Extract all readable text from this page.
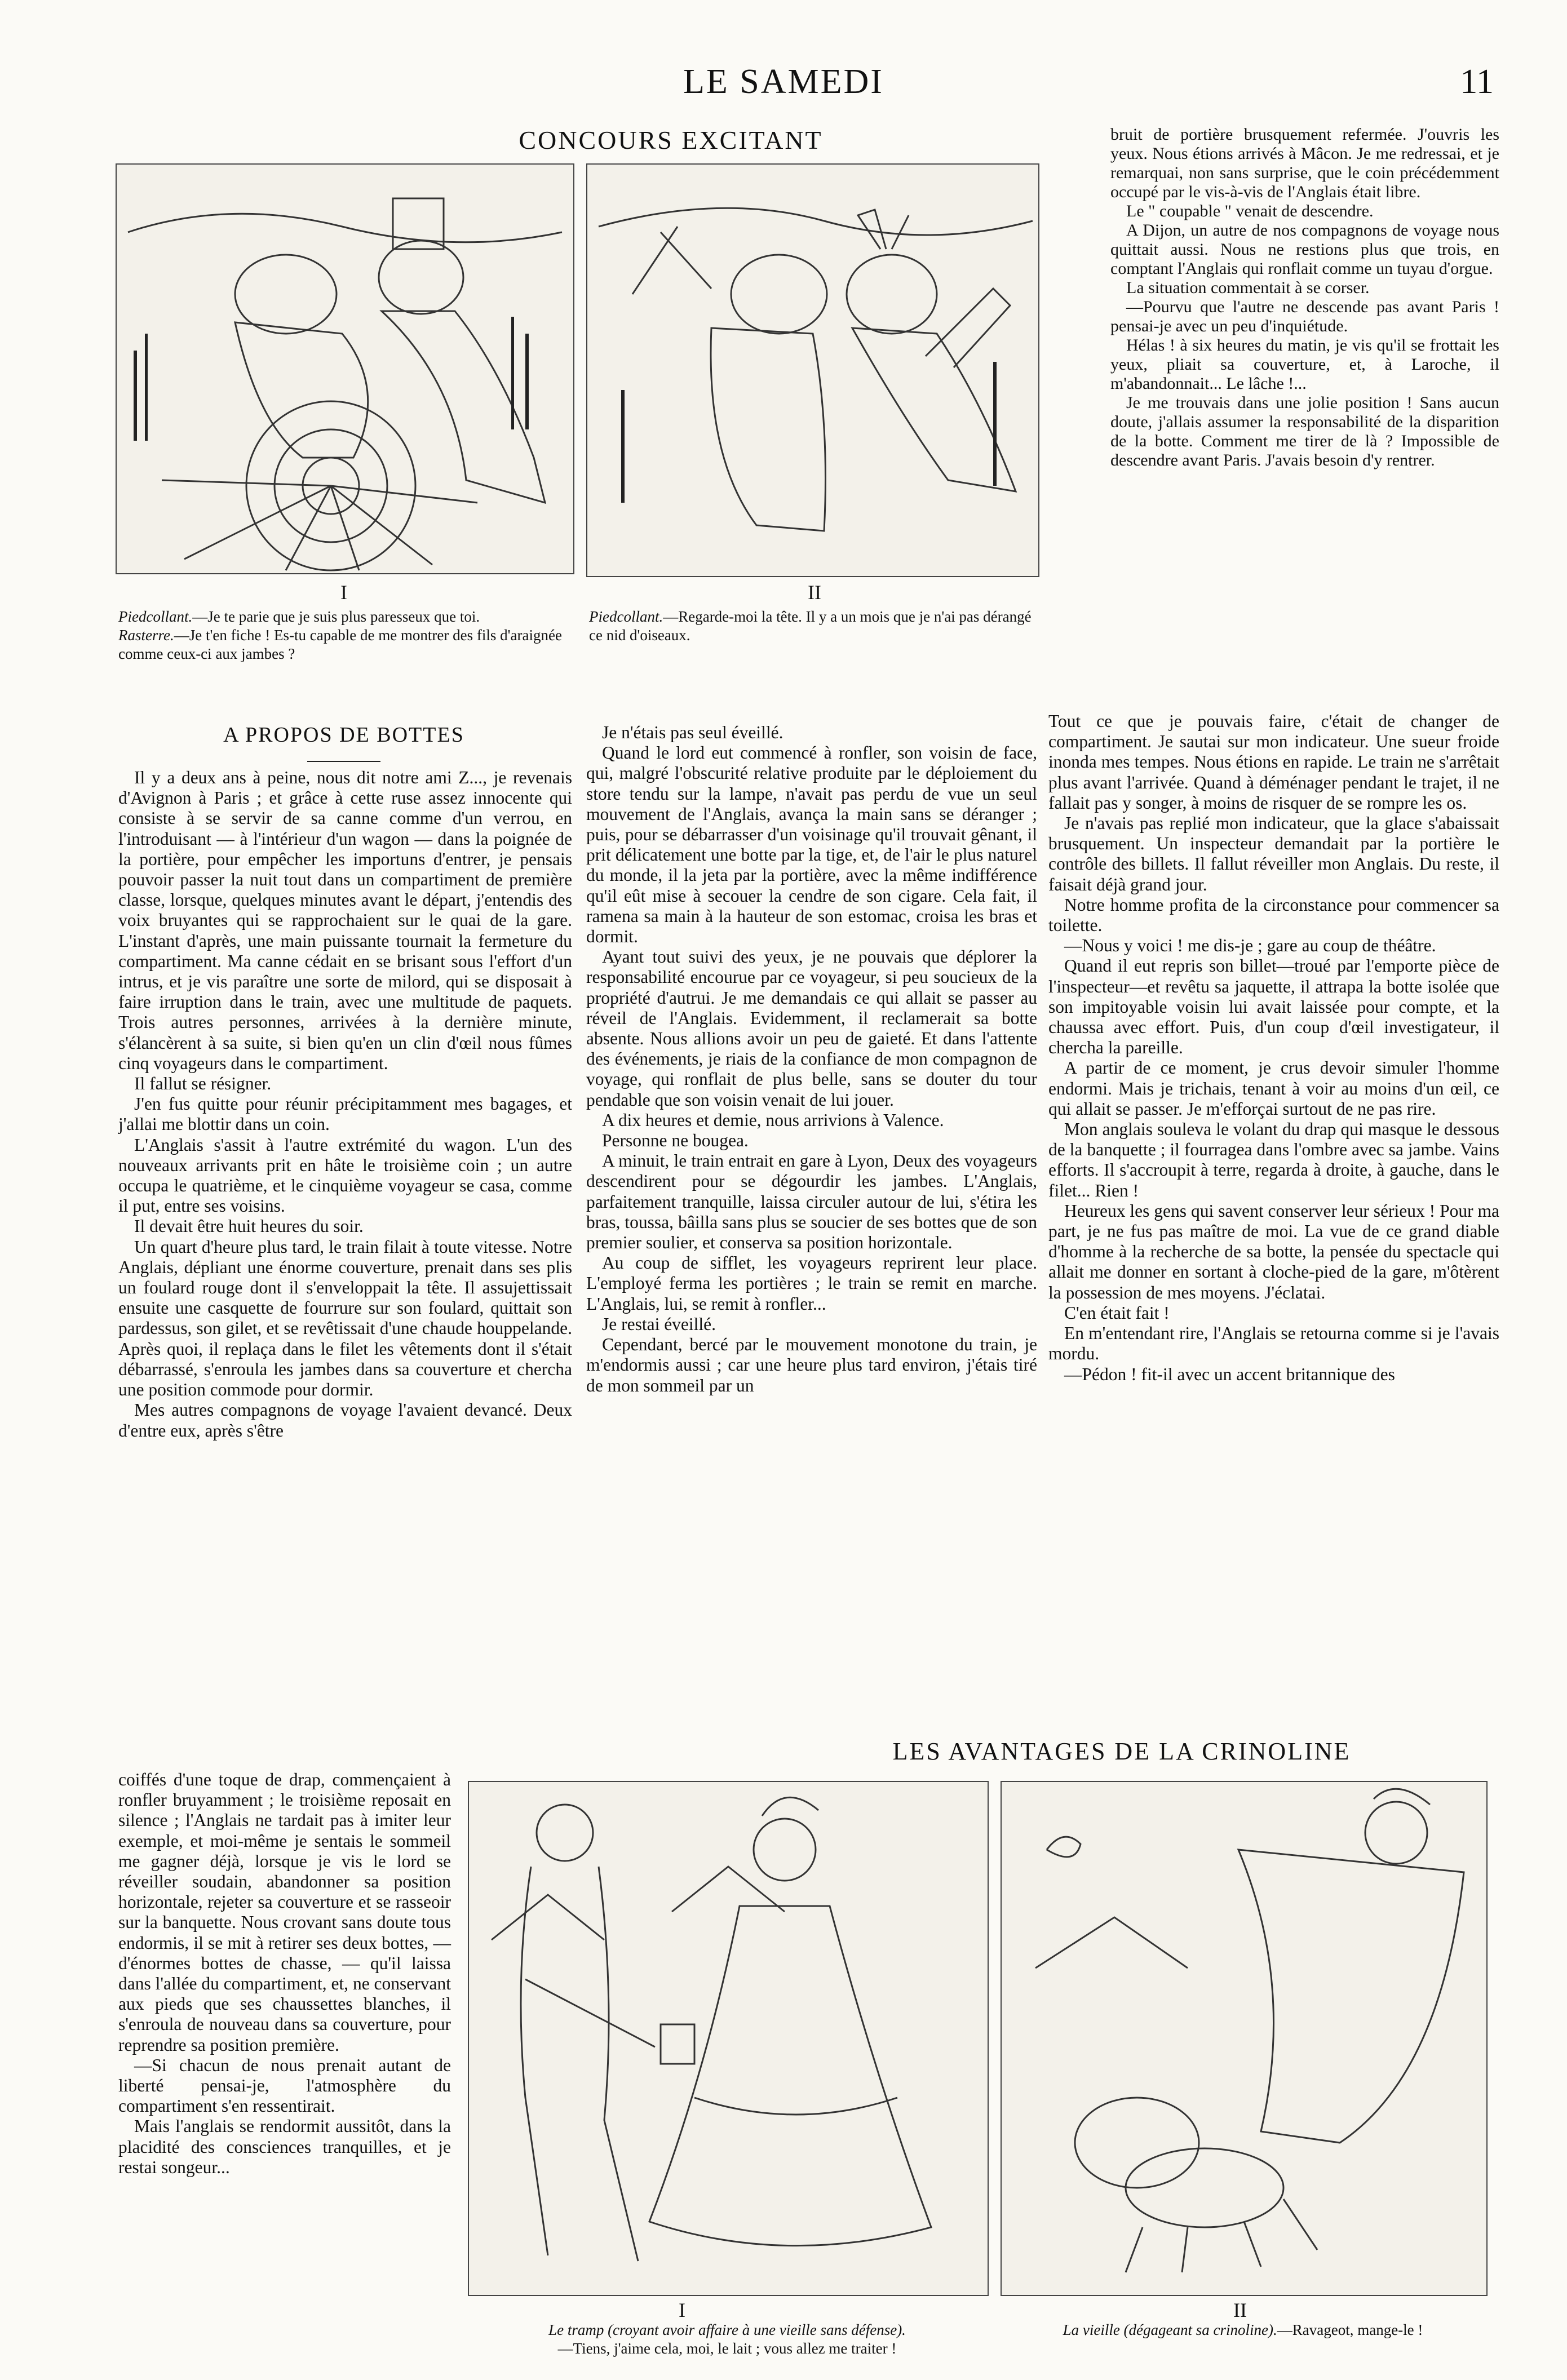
LE SAMEDI	11
CONCOURS EXCITANT
I	II
Piedcollant.—Je te parie que je suis plus paresseux que toi.
Rasterre.—Je t'en fiche ! Es-tu capable de me montrer des fils d'araignée comme ceux-ci aux jambes ?
Piedcollant.—Regarde-moi la tête. Il y a un mois que je n'ai pas dérangé ce nid d'oiseaux.
A PROPOS DE BOTTES

Il y a deux ans à peine, nous dit notre ami Z..., je revenais d'Avignon à Paris ; et grâce à cette ruse assez innocente qui consiste à se servir de sa canne comme d'un verrou, en l'introduisant — à l'intérieur d'un wagon — dans la poignée de la portière, pour empêcher les importuns d'entrer, je pensais pouvoir passer la nuit tout dans un compartiment de première classe, lorsque, quelques minutes avant le départ, j'entendis des voix bruyantes qui se rapprochaient sur le quai de la gare. L'instant d'après, une main puissante tournait la fermeture du compartiment. Ma canne cédait en se brisant sous l'effort d'un intrus, et je vis paraître une sorte de milord, qui se disposait à faire irruption dans le train, avec une multitude de paquets. Trois autres personnes, arrivées à la dernière minute, s'élancèrent à sa suite, si bien qu'en un clin d'œil nous fûmes cinq voyageurs dans le compartiment.

Il fallut se résigner.

J'en fus quitte pour réunir précipitamment mes bagages, et j'allai me blottir dans un coin.

L'Anglais s'assit à l'autre extrémité du wagon. L'un des nouveaux arrivants prit en hâte le troisième coin ; un autre occupa le quatrième, et le cinquième voyageur se casa, comme il put, entre ses voisins.

Il devait être huit heures du soir.

Un quart d'heure plus tard, le train filait à toute vitesse. Notre Anglais, dépliant une énorme couverture, prenait dans ses plis un foulard rouge dont il s'enveloppait la tête. Il assujettissait ensuite une casquette de fourrure sur son foulard, quittait son pardessus, son gilet, et se revêtissait d'une chaude houppelande. Après quoi, il replaça dans le filet les vêtements dont il s'était débarrassé, s'enroula les jambes dans sa couverture et chercha une position commode pour dormir.

Mes autres compagnons de voyage l'avaient devancé. Deux d'entre eux, après s'être

coiffés d'une toque de drap, commençaient à ronfler bruyamment ; le troisième reposait en silence ; l'Anglais ne tardait pas à imiter leur exemple, et moi-même je sentais le sommeil me gagner déjà, lorsque je vis le lord se réveiller soudain, abandonner sa position horizontale, rejeter sa couverture et se rasseoir sur la banquette. Nous crovant sans doute tous endormis, il se mit à retirer ses deux bottes, — d'énormes bottes de chasse, — qu'il laissa dans l'allée du compartiment, et, ne conservant aux pieds que ses chaussettes blanches, il s'enroula de nouveau dans sa couverture, pour reprendre sa position première.

—Si chacun de nous prenait autant de liberté pensai-je, l'atmosphère du compartiment s'en ressentirait.

Mais l'anglais se rendormit aussitôt, dans la placidité des consciences tranquilles, et je restai songeur...

Je n'étais pas seul éveillé.

Quand le lord eut commencé à ronfler, son voisin de face, qui, malgré l'obscurité relative produite par le déploiement du store tendu sur la lampe, n'avait pas perdu de vue un seul mouvement de l'Anglais, avança la main sans se déranger ; puis, pour se débarrasser d'un voisinage qu'il trouvait gênant, il prit délicatement une botte par la tige, et, de l'air le plus naturel du monde, il la jeta par la portière, avec la même indifférence qu'il eût mise à secouer la cendre de son cigare. Cela fait, il ramena sa main à la hauteur de son estomac, croisa les bras et dormit.

Ayant tout suivi des yeux, je ne pouvais que déplorer la responsabilité encourue par ce voyageur, si peu soucieux de la propriété d'autrui. Je me demandais ce qui allait se passer au réveil de l'Anglais. Evidemment, il reclamerait sa botte absente. Nous allions avoir un peu de gaieté. Et dans l'attente des événements, je riais de la confiance de mon compagnon de voyage, qui ronflait de plus belle, sans se douter du tour pendable que son voisin venait de lui jouer.

A dix heures et demie, nous arrivions à Valence.

Personne ne bougea.

A minuit, le train entrait en gare à Lyon, Deux des voyageurs descendirent pour se dégourdir les jambes. L'Anglais, parfaitement tranquille, laissa circuler autour de lui, s'étira les bras, toussa, bâilla sans plus se soucier de ses bottes que de son premier soulier, et conserva sa position horizontale.

Au coup de sifflet, les voyageurs reprirent leur place. L'employé ferma les portières ; le train se remit en marche. L'Anglais, lui, se remit à ronfler...

Je restai éveillé.

Cependant, bercé par le mouvement monotone du train, je m'endormis aussi ; car une heure plus tard environ, j'étais tiré de mon sommeil par un

bruit de portière brusquement refermée. J'ouvris les yeux. Nous étions arrivés à Mâcon. Je me redressai, et je remarquai, non sans surprise, que le coin précédemment occupé par le vis-à-vis de l'Anglais était libre.

Le " coupable " venait de descendre.

A Dijon, un autre de nos compagnons de voyage nous quittait aussi. Nous ne restions plus que trois, en comptant l'Anglais qui ronflait comme un tuyau d'orgue.

La situation commentait à se corser.

—Pourvu que l'autre ne descende pas avant Paris ! pensai-je avec un peu d'inquiétude.

Hélas ! à six heures du matin, je vis qu'il se frottait les yeux, pliait sa couverture, et, à Laroche, il m'abandonnait... Le lâche !...

Je me trouvais dans une jolie position ! Sans aucun doute, j'allais assumer la responsabilité de la disparition de la botte. Comment me tirer de là ? Impossible de descendre avant Paris. J'avais besoin d'y rentrer.

Tout ce que je pouvais faire, c'était de changer de compartiment. Je sautai sur mon indicateur. Une sueur froide inonda mes tempes. Nous étions en rapide. Le train ne s'arrêtait plus avant l'arrivée. Quand à déménager pendant le trajet, il ne fallait pas y songer, à moins de risquer de se rompre les os.

Je n'avais pas replié mon indicateur, que la glace s'abaissait brusquement. Un inspecteur demandait par la portière le contrôle des billets. Il fallut réveiller mon Anglais. Du reste, il faisait déjà grand jour.

Notre homme profita de la circonstance pour commencer sa toilette.

—Nous y voici ! me dis-je ; gare au coup de théâtre.

Quand il eut repris son billet—troué par l'emporte pièce de l'inspecteur—et revêtu sa jaquette, il attrapa la botte isolée que son impitoyable voisin lui avait laissée pour compte, et la chaussa avec effort. Puis, d'un coup d'œil investigateur, il chercha la pareille.

A partir de ce moment, je crus devoir simuler l'homme endormi. Mais je trichais, tenant à voir au moins d'un œil, ce qui allait se passer. Je m'efforçai surtout de ne pas rire.

Mon anglais souleva le volant du drap qui masque le dessous de la banquette ; il fourragea dans l'ombre avec sa jambe. Vains efforts. Il s'accroupit à terre, regarda à droite, à gauche, dans le filet... Rien !

Heureux les gens qui savent conserver leur sérieux ! Pour ma part, je ne fus pas maître de moi. La vue de ce grand diable d'homme à la recherche de sa botte, la pensée du spectacle qui allait me donner en sortant à cloche-pied de la gare, m'ôtèrent la possession de mes moyens. J'éclatai.

C'en était fait !

En m'entendant rire, l'Anglais se retourna comme si je l'avais mordu.

—Pédon ! fit-il avec un accent britannique des

LES AVANTAGES DE LA CRINOLINE
I	II
Le tramp (croyant avoir affaire à une vieille sans défense).
—Tiens, j'aime cela, moi, le lait ; vous allez me traiter !
La vieille (dégageant sa crinoline).—Ravageot, mange-le !
